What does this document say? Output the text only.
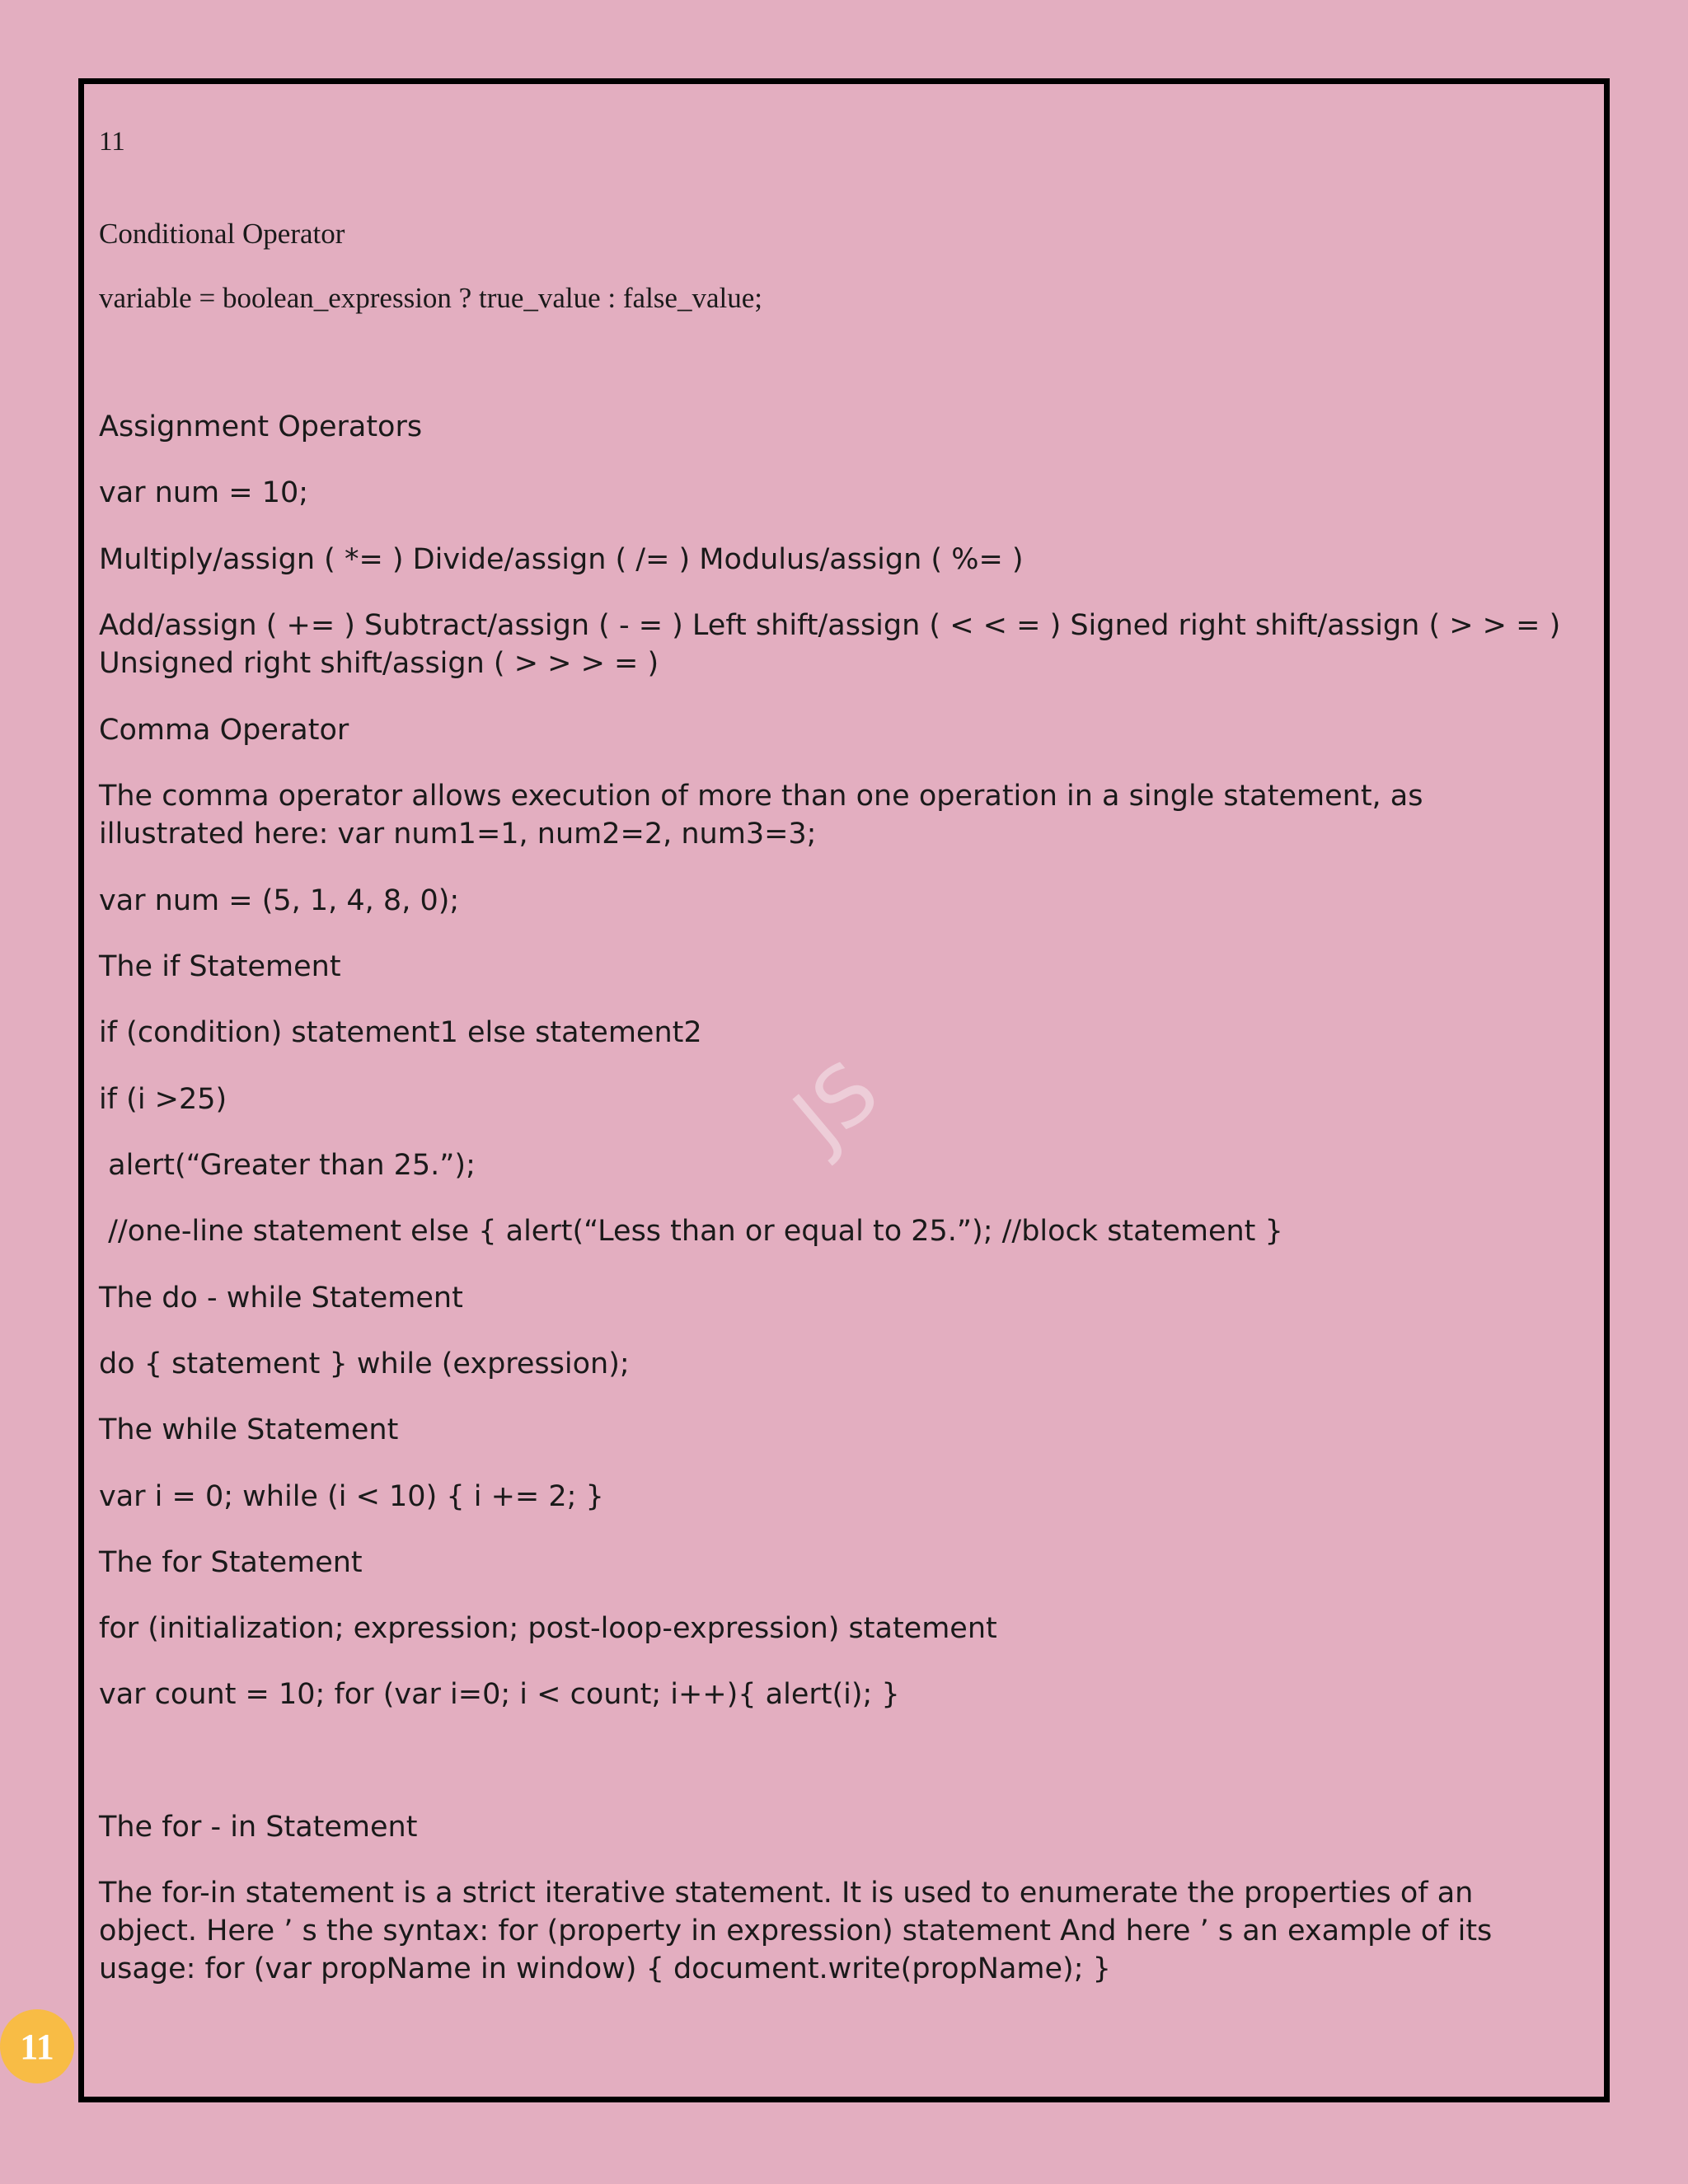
11

Conditional Operator

variable = boolean_expression ? true_value : false_value;

Assignment Operators

var num = 10;

Multiply/assign ( *= ) Divide/assign ( /= ) Modulus/assign ( %= )

Add/assign ( += ) Subtract/assign ( - = ) Left shift/assign ( < < = ) Signed right shift/assign ( > > = ) Unsigned right shift/assign ( > > > = )

Comma Operator

The comma operator allows execution of more than one operation in a single statement, as illustrated here: var num1=1, num2=2, num3=3;

var num = (5, 1, 4, 8, 0);

The if Statement

if (condition) statement1 else statement2

if (i >25)

alert(“Greater than 25.”);

//one-line statement else { alert(“Less than or equal to 25.”); //block statement }

JS

The do - while Statement

do { statement } while (expression);

The while Statement

var i = 0; while (i < 10) { i += 2; }

The for Statement

for (initialization; expression; post-loop-expression) statement

var count = 10; for (var i=0; i < count; i++){ alert(i); }

The for - in Statement

The for-in statement is a strict iterative statement. It is used to enumerate the properties of an object. Here ’ s the syntax: for (property in expression) statement And here ’ s an example of its usage: for (var propName in window) { document.write(propName); }

11
